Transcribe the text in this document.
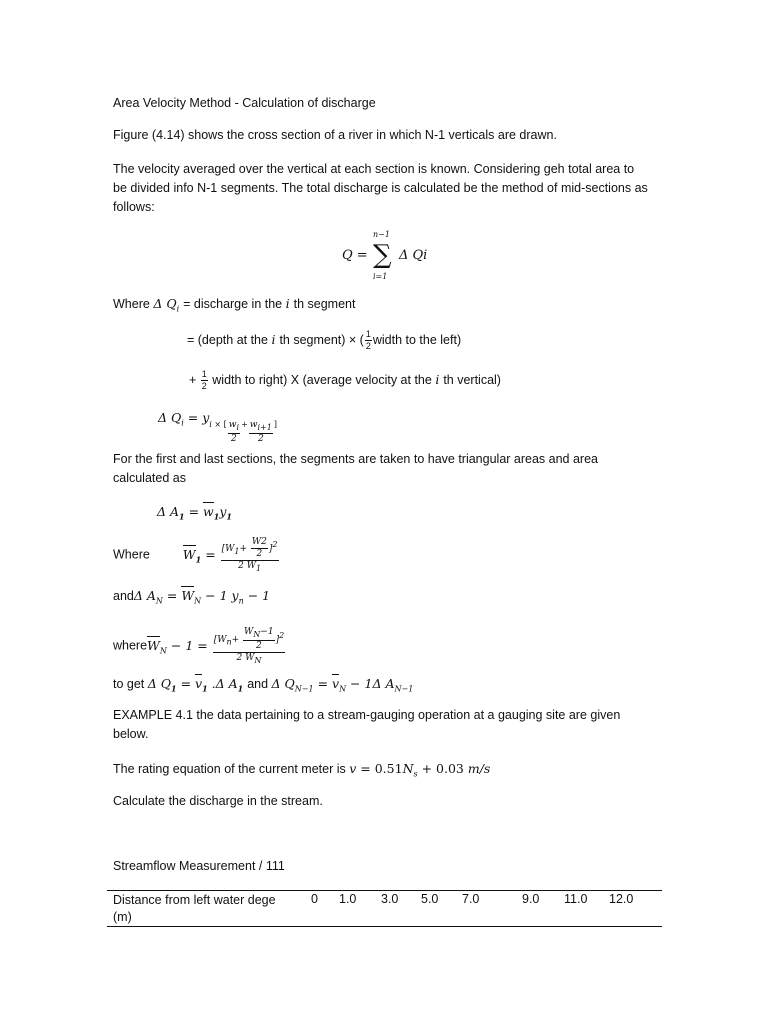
Area Velocity Method - Calculation of discharge
Figure (4.14) shows the cross section of a river in which N-1 verticals are drawn.
The velocity averaged over the vertical at each section is known. Considering geh total area to
be divided info N-1 segments. The total discharge is calculated be the method of mid-sections as
follows:
Q = ∑
n−1
i=1
Δ Qi
Where Δ $Q_i$ = discharge in the i th segment
= (depth at the i th segment) × ( $\frac{1}{2}$ width to the left)
+ $\frac{1}{2}$ width to right) X (average velocity at the i th vertical)
Δ $Q_i = y_i$ $_{\times [} \frac{w_i}{2} _+ \frac{w_{i+1}}{2} _]$
For the first and last sections, the segments are taken to have triangular areas and area
calculated as
Δ $A_1 = w_1y_1$
Where	$W_1 = \frac{[W_1+ \frac{W2}{2} ]^2}{2 W_1}$
andΔ $A_N = W_N - 1$ $y_n - 1$
whereW$_N$ − $1 = \frac{[W_n+ \frac{W_N-1}{2} ]^2}{2 W_N}$
to get Δ $Q_1 = v_1$ .Δ $A_1$ and Δ $Q_{N-1} = v_N - 1\Delta$ $A_{N-1}$
EXAMPLE 4.1 the data pertaining to a stream-gauging operation at a gauging site are given
below.
The rating equation of the current meter is $v = 0.51N_s + 0.03$ m/s
Calculate the discharge in the stream.
Streamflow Measurement / 111
Distance from left water dege
(m)
0 1.0 3.0 5.0 7.0	9.0 11.0 12.0
